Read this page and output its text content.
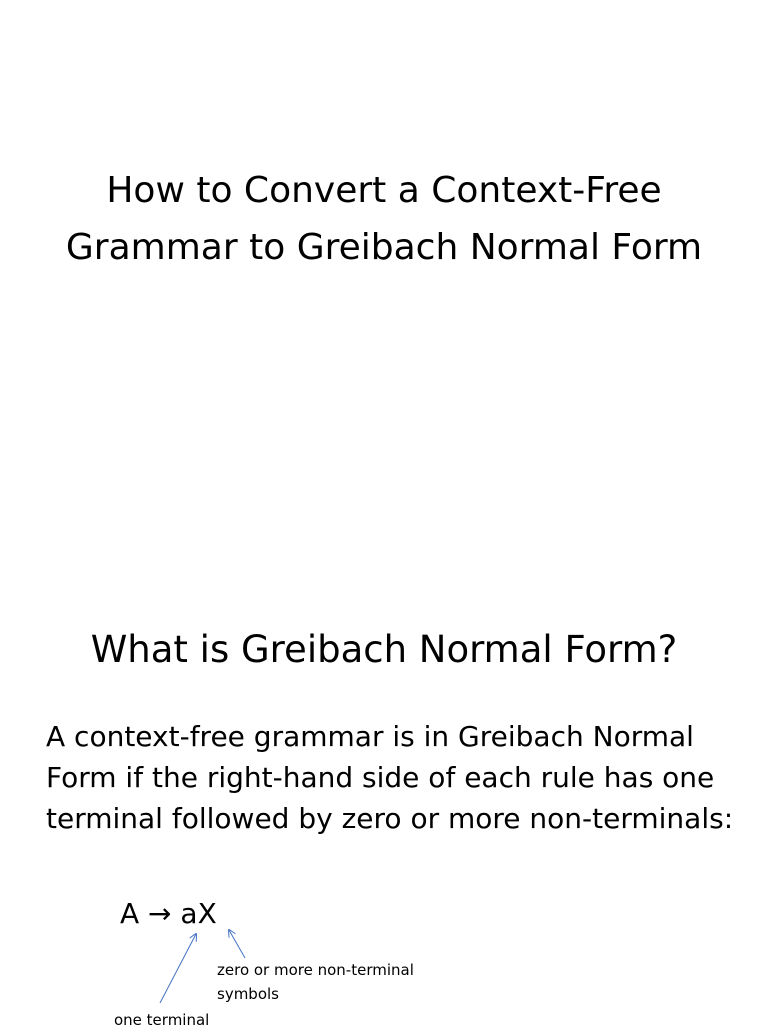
How to Convert a Context-Free Grammar to Greibach Normal Form
What is Greibach Normal Form?
A context-free grammar is in Greibach Normal Form if the right-hand side of each rule has one terminal followed by zero or more non-terminals:
A → aX
zero or more non-terminal symbols
one terminal
